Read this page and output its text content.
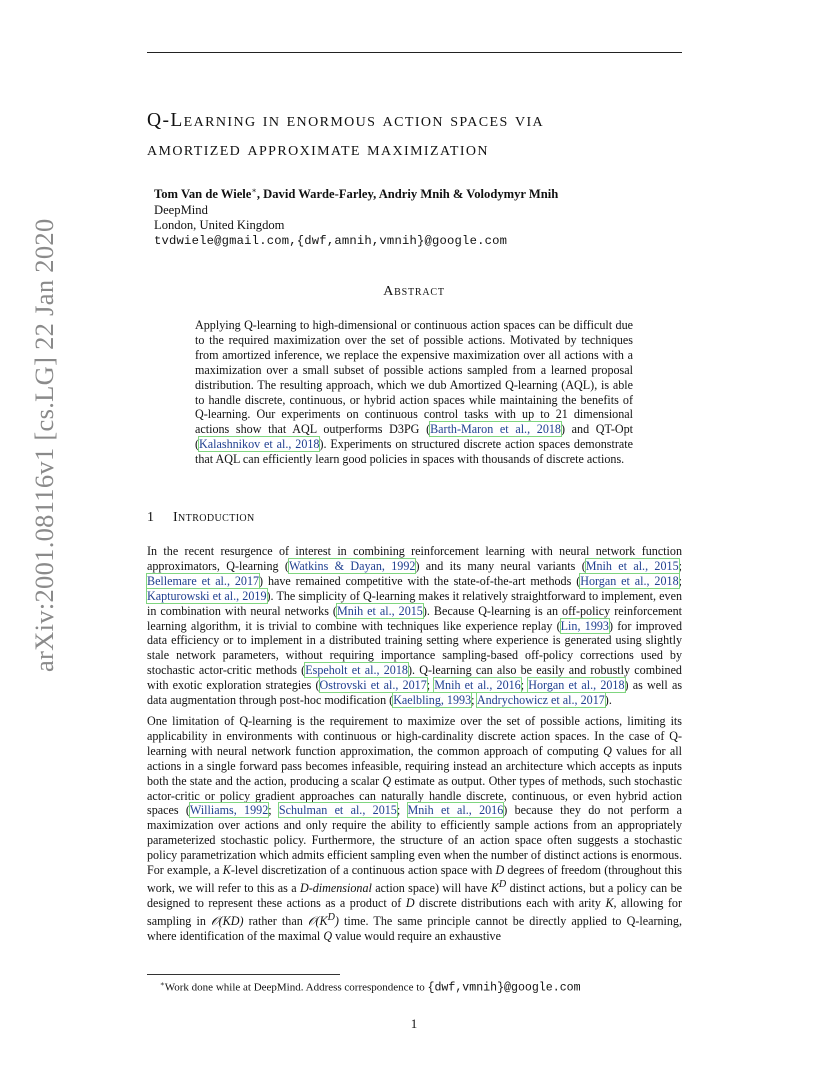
arXiv:2001.08116v1 [cs.LG] 22 Jan 2020
Q-Learning in enormous action spaces via
amortized approximate maximization
Tom Van de Wiele∗, David Warde-Farley, Andriy Mnih & Volodymyr Mnih
DeepMind
London, United Kingdom
tvdwiele@gmail.com,{dwf,amnih,vmnih}@google.com
Abstract
Applying Q-learning to high-dimensional or continuous action spaces can be difficult due to the required maximization over the set of possible actions. Motivated by techniques from amortized inference, we replace the expensive maximization over all actions with a maximization over a small subset of possible actions sampled from a learned proposal distribution. The resulting approach, which we dub Amortized Q-learning (AQL), is able to handle discrete, continuous, or hybrid action spaces while maintaining the benefits of Q-learning. Our experiments on continuous control tasks with up to 21 dimensional actions show that AQL outperforms D3PG (Barth-Maron et al., 2018) and QT-Opt (Kalashnikov et al., 2018). Experiments on structured discrete action spaces demonstrate that AQL can efficiently learn good policies in spaces with thousands of discrete actions.
1 Introduction
In the recent resurgence of interest in combining reinforcement learning with neural network function approximators, Q-learning (Watkins & Dayan, 1992) and its many neural variants (Mnih et al., 2015; Bellemare et al., 2017) have remained competitive with the state-of-the-art methods (Horgan et al., 2018; Kapturowski et al., 2019). The simplicity of Q-learning makes it relatively straightforward to implement, even in combination with neural networks (Mnih et al., 2015). Because Q-learning is an off-policy reinforcement learning algorithm, it is trivial to combine with techniques like experience replay (Lin, 1993) for improved data efficiency or to implement in a distributed training setting where experience is generated using slightly stale network parameters, without requiring importance sampling-based off-policy corrections used by stochastic actor-critic methods (Espeholt et al., 2018). Q-learning can also be easily and robustly combined with exotic exploration strategies (Ostrovski et al., 2017; Mnih et al., 2016; Horgan et al., 2018) as well as data augmentation through post-hoc modification (Kaelbling, 1993; Andrychowicz et al., 2017).
One limitation of Q-learning is the requirement to maximize over the set of possible actions, limiting its applicability in environments with continuous or high-cardinality discrete action spaces. In the case of Q-learning with neural network function approximation, the common approach of computing Q values for all actions in a single forward pass becomes infeasible, requiring instead an architecture which accepts as inputs both the state and the action, producing a scalar Q estimate as output. Other types of methods, such stochastic actor-critic or policy gradient approaches can naturally handle discrete, continuous, or even hybrid action spaces (Williams, 1992; Schulman et al., 2015; Mnih et al., 2016) because they do not perform a maximization over actions and only require the ability to efficiently sample actions from an appropriately parameterized stochastic policy. Furthermore, the structure of an action space often suggests a stochastic policy parametrization which admits efficient sampling even when the number of distinct actions is enormous. For example, a K-level discretization of a continuous action space with D degrees of freedom (throughout this work, we will refer to this as a D-dimensional action space) will have $K^D$ distinct actions, but a policy can be designed to represent these actions as a product of D discrete distributions each with arity K, allowing for sampling in 𝒪(KD) rather than $𝒪(K^D)$ time. The same principle cannot be directly applied to Q-learning, where identification of the maximal Q value would require an exhaustive
∗Work done while at DeepMind. Address correspondence to {dwf,vmnih}@google.com
1
